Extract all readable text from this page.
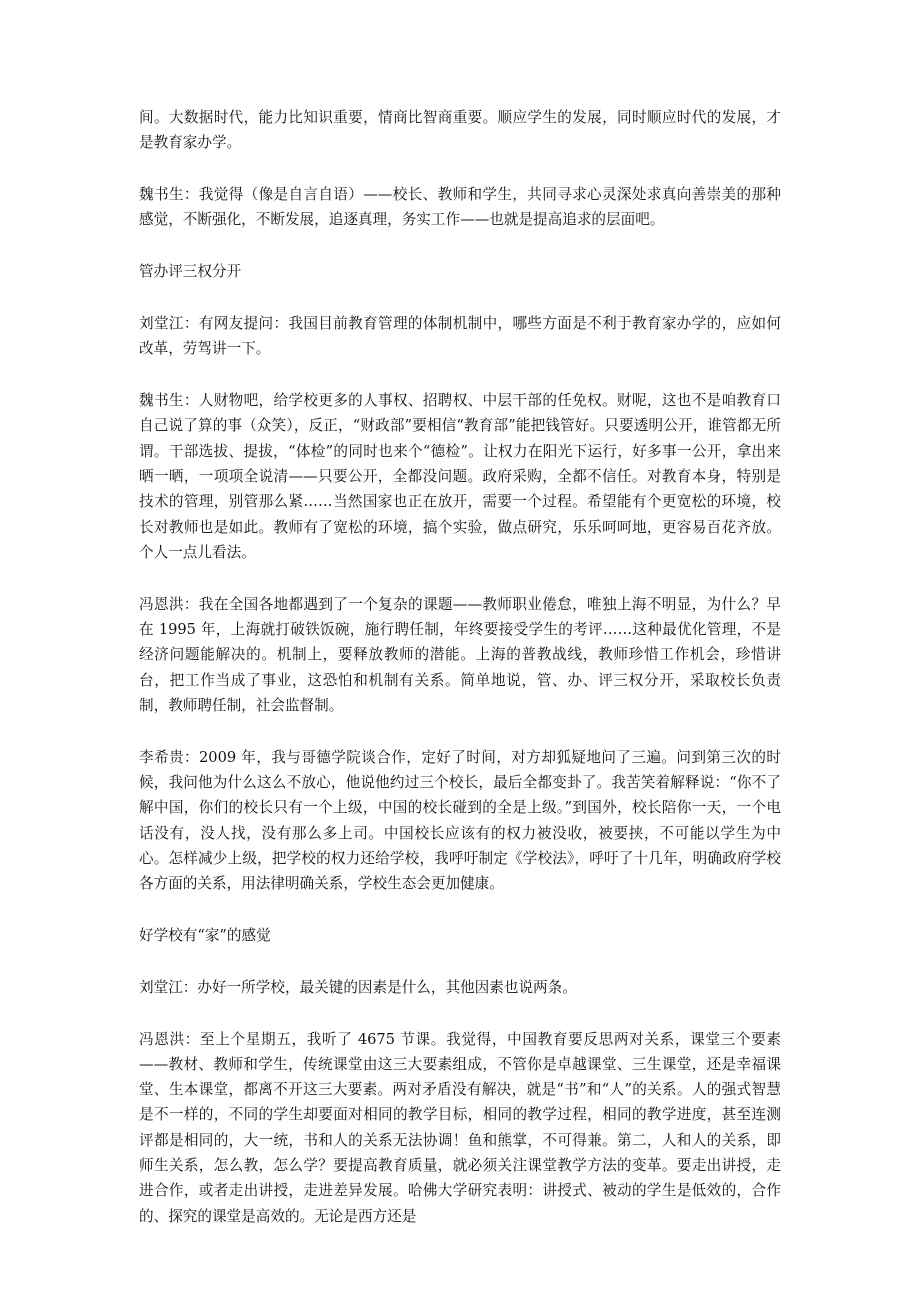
间。大数据时代，能力比知识重要，情商比智商重要。顺应学生的发展，同时顺应时代的发展，才是教育家办学。

魏书生：我觉得（像是自言自语）——校长、教师和学生，共同寻求心灵深处求真向善崇美的那种感觉，不断强化，不断发展，追逐真理，务实工作——也就是提高追求的层面吧。

管办评三权分开

刘堂江：有网友提问：我国目前教育管理的体制机制中，哪些方面是不利于教育家办学的，应如何改革，劳驾讲一下。

魏书生：人财物吧，给学校更多的人事权、招聘权、中层干部的任免权。财呢，这也不是咱教育口自己说了算的事（众笑），反正，“财政部”要相信“教育部”能把钱管好。只要透明公开，谁管都无所谓。干部选拔、提拔，“体检”的同时也来个“德检”。让权力在阳光下运行，好多事一公开，拿出来晒一晒，一项项全说清——只要公开，全都没问题。政府采购，全都不信任。对教育本身，特别是技术的管理，别管那么紧……当然国家也正在放开，需要一个过程。希望能有个更宽松的环境，校长对教师也是如此。教师有了宽松的环境，搞个实验，做点研究，乐乐呵呵地，更容易百花齐放。个人一点儿看法。

冯恩洪：我在全国各地都遇到了一个复杂的课题——教师职业倦怠，唯独上海不明显，为什么？早在 1995 年，上海就打破铁饭碗，施行聘任制，年终要接受学生的考评……这种最优化管理，不是经济问题能解决的。机制上，要释放教师的潜能。上海的普教战线，教师珍惜工作机会，珍惜讲台，把工作当成了事业，这恐怕和机制有关系。简单地说，管、办、评三权分开，采取校长负责制，教师聘任制，社会监督制。

李希贵：2009 年，我与哥德学院谈合作，定好了时间，对方却狐疑地问了三遍。问到第三次的时候，我问他为什么这么不放心，他说他约过三个校长，最后全都变卦了。我苦笑着解释说：“你不了解中国，你们的校长只有一个上级，中国的校长碰到的全是上级。”到国外，校长陪你一天，一个电话没有，没人找，没有那么多上司。中国校长应该有的权力被没收，被要挟，不可能以学生为中心。怎样减少上级，把学校的权力还给学校，我呼吁制定《学校法》，呼吁了十几年，明确政府学校各方面的关系，用法律明确关系，学校生态会更加健康。

好学校有“家”的感觉

刘堂江：办好一所学校，最关键的因素是什么，其他因素也说两条。

冯恩洪：至上个星期五，我听了 4675 节课。我觉得，中国教育要反思两对关系，课堂三个要素——教材、教师和学生，传统课堂由这三大要素组成，不管你是卓越课堂、三生课堂，还是幸福课堂、生本课堂，都离不开这三大要素。两对矛盾没有解决，就是“书”和“人”的关系。人的强式智慧是不一样的，不同的学生却要面对相同的教学目标，相同的教学过程，相同的教学进度，甚至连测评都是相同的，大一统，书和人的关系无法协调！鱼和熊掌，不可得兼。第二，人和人的关系，即师生关系，怎么教，怎么学？要提高教育质量，就必须关注课堂教学方法的变革。要走出讲授，走进合作，或者走出讲授，走进差异发展。哈佛大学研究表明：讲授式、被动的学生是低效的，合作的、探究的课堂是高效的。无论是西方还是
